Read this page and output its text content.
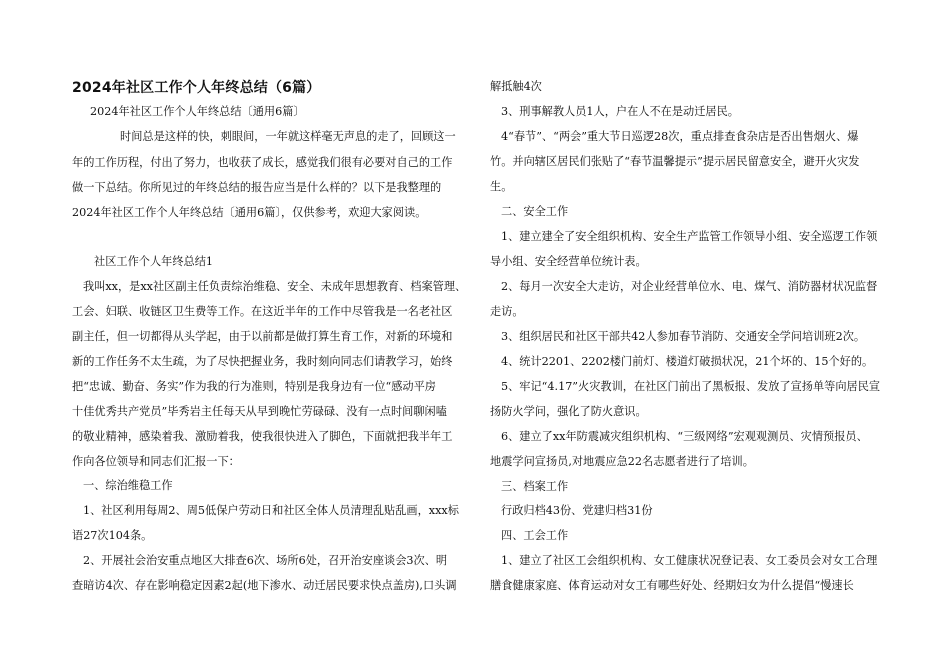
2024年社区工作个人年终总结（6篇）
2024年社区工作个人年终总结〔通用6篇〕
时间总是这样的快，刺眼间，一年就这样毫无声息的走了，回顾这一
年的工作历程，付出了努力，也收获了成长，感觉我们很有必要对自己的工作
做一下总结。你所见过的年终总结的报告应当是什么样的？以下是我整理的
2024年社区工作个人年终总结〔通用6篇〕，仅供参考，欢迎大家阅读。
社区工作个人年终总结1
我叫xx，是xx社区副主任负责综治维稳、安全、未成年思想教育、档案管理、
工会、妇联、收链区卫生费等工作。在这近半年的工作中尽管我是一名老社区
副主任，但一切都得从头学起，由于以前都是做打算生育工作，对新的环境和
新的工作任务不太生疏，为了尽快把握业务，我时刻向同志们请教学习，始终
把“忠诚、勤奋、务实”作为我的行为准则，特别是我身边有一位“感动平房
十佳优秀共产党员”毕秀岩主任每天从早到晚忙劳碌碌、没有一点时间聊闲嗑
的敬业精神，感染着我、激励着我，使我很快进入了脚色，下面就把我半年工
作向各位领导和同志们汇报一下：
一、综治维稳工作
1、社区利用每周2、周5低保户劳动日和社区全体人员清理乱贴乱画，xxx标
语27次104条。
2、开展社会治安重点地区大排查6次、场所6处，召开治安座谈会3次、明
查暗访4次、存在影响稳定因素2起(地下渗水、动迁居民要求快点盖房),口头调
解抵触4次
3、刑事解教人员1人，户在人不在是动迁居民。
4“春节”、“两会”重大节日巡逻28次，重点排查食杂店是否出售烟火、爆
竹。并向辖区居民们张贴了“春节温馨提示”提示居民留意安全，避开火灾发
生。
二、安全工作
1、建立建全了安全组织机构、安全生产监管工作领导小组、安全巡逻工作领
导小组、安全经营单位统计表。
2、每月一次安全大走访，对企业经营单位水、电、煤气、消防器材状况监督
走访。
3、组织居民和社区干部共42人参加春节消防、交通安全学问培训班2次。
4、统计2201、2202楼门前灯、楼道灯破损状况，21个坏的、15个好的。
5、牢记“4.17”火灾教训，在社区门前出了黑板报、发放了宣扬单等向居民宣
扬防火学问，强化了防火意识。
6、建立了xx年防震减灾组织机构、“三级网络”宏观观测员、灾情预报员、
地震学问宣扬员,对地震应急22名志愿者进行了培训。
三、档案工作
行政归档43份、党建归档31份
四、工会工作
1、建立了社区工会组织机构、女工健康状况登记表、女工委员会对女工合理
膳食健康家庭、体育运动对女工有哪些好处、经期妇女为什么提倡“慢速长
